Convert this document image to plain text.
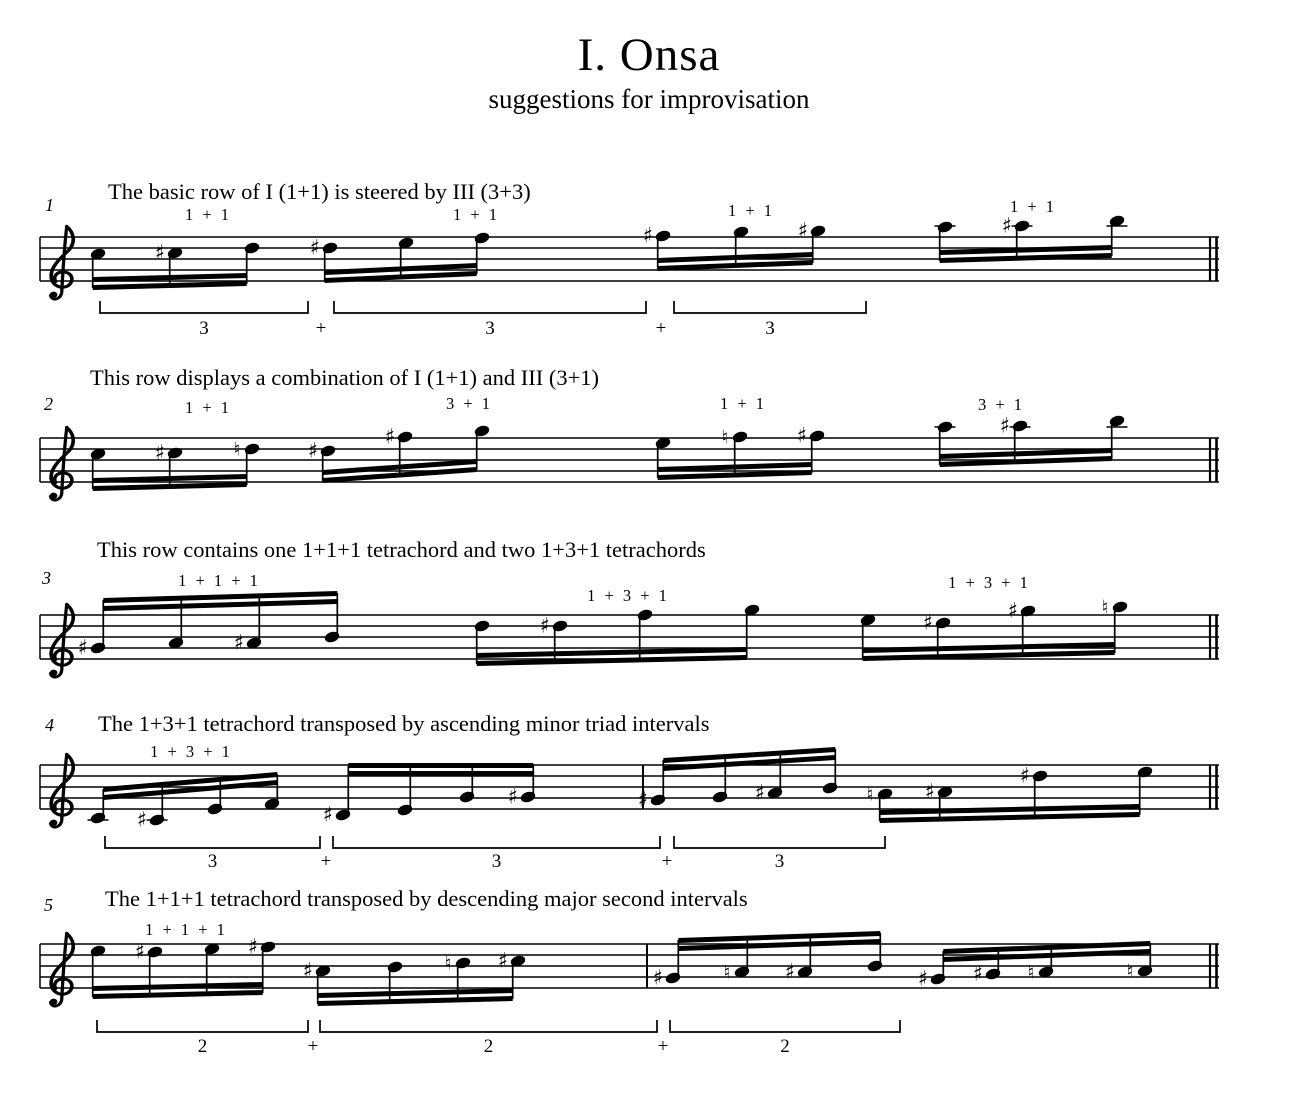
I. Onsa
suggestions for improvisation
The basic row of I (1+1) is steered by III (3+3)
1
♯
1 + 1
♯
1 + 1
♯	♯
1 + 1
♯
1 + 1
3	3	3
+	+
This row displays a combination of I (1+1) and III (3+1)
2
♯	♮
1 + 1
♯
♯
3 + 1
♮	♯
1 + 1
♯
3 + 1
This row contains one 1+1+1 tetrachord and two 1+3+1 tetrachords
3
♯	♯
1 + 1 + 1
♯
1 + 3 + 1
♯	♯	♮
1 + 3 + 1
The 1+3+1 tetrachord transposed by ascending minor triad intervals
4
♯
1 + 3 + 1
♯
♯	♯	♯	♮ ♯
♯
3	3	3
+	+
The 1+1+1 tetrachord transposed by descending major second intervals
5
♯	♯
1 + 1 + 1
♯	♮ ♯
♯	♮	♯	♯ ♯ ♮	♮
2	2	2
+	+
